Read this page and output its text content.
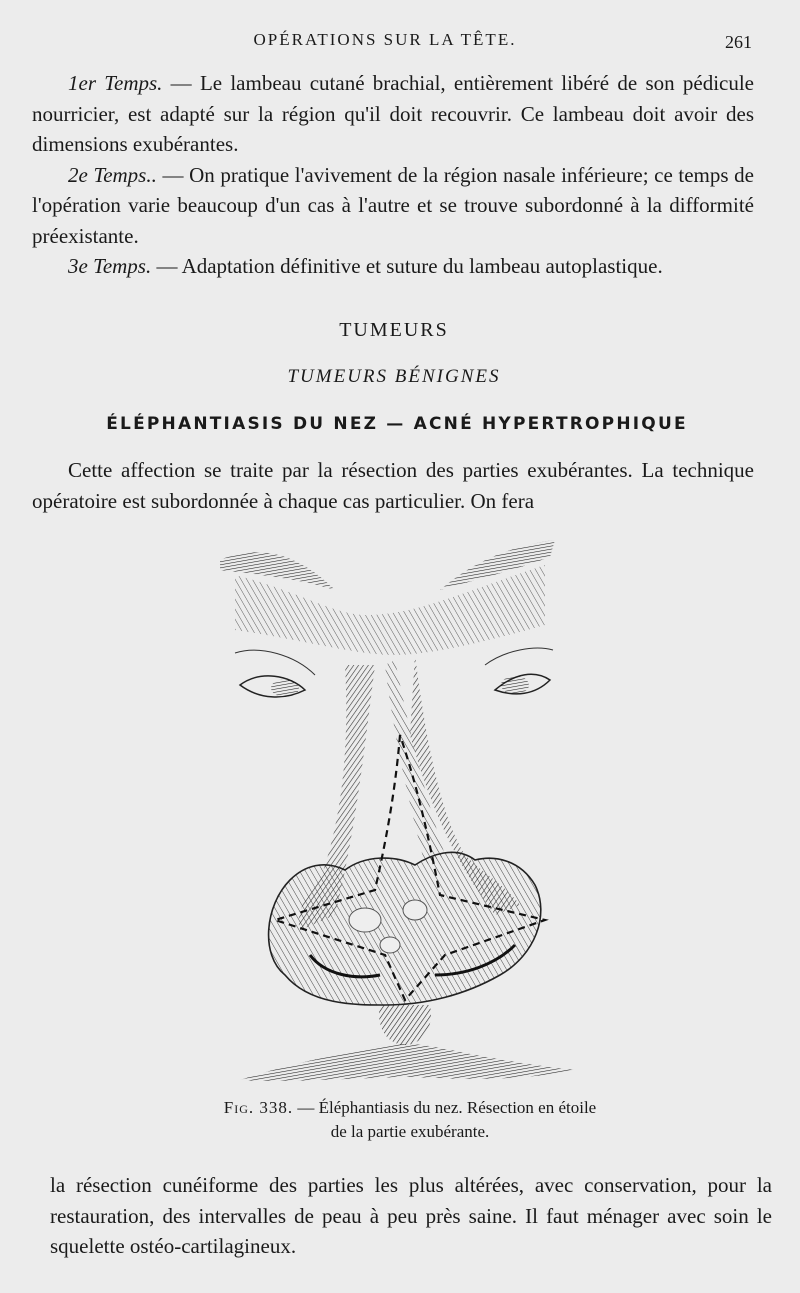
OPÉRATIONS SUR LA TÊTE.	261

1er Temps. — Le lambeau cutané brachial, entièrement libéré de son pédicule nourricier, est adapté sur la région qu'il doit recouvrir. Ce lambeau doit avoir des dimensions exubérantes.

2e Temps.. — On pratique l'avivement de la région nasale inférieure; ce temps de l'opération varie beaucoup d'un cas à l'autre et se trouve subordonné à la difformité préexistante.

3e Temps. — Adaptation définitive et suture du lambeau autoplastique.

TUMEURS
TUMEURS BÉNIGNES
ÉLÉPHANTIASIS DU NEZ — ACNÉ HYPERTROPHIQUE

Cette affection se traite par la résection des parties exubérantes. La technique opératoire est subordonnée à chaque cas particulier. On fera

Fig. 338. — Éléphantiasis du nez. Résection en étoile
de la partie exubérante.

la résection cunéiforme des parties les plus altérées, avec conservation, pour la restauration, des intervalles de peau à peu près saine. Il faut ménager avec soin le squelette ostéo-cartilagineux.
